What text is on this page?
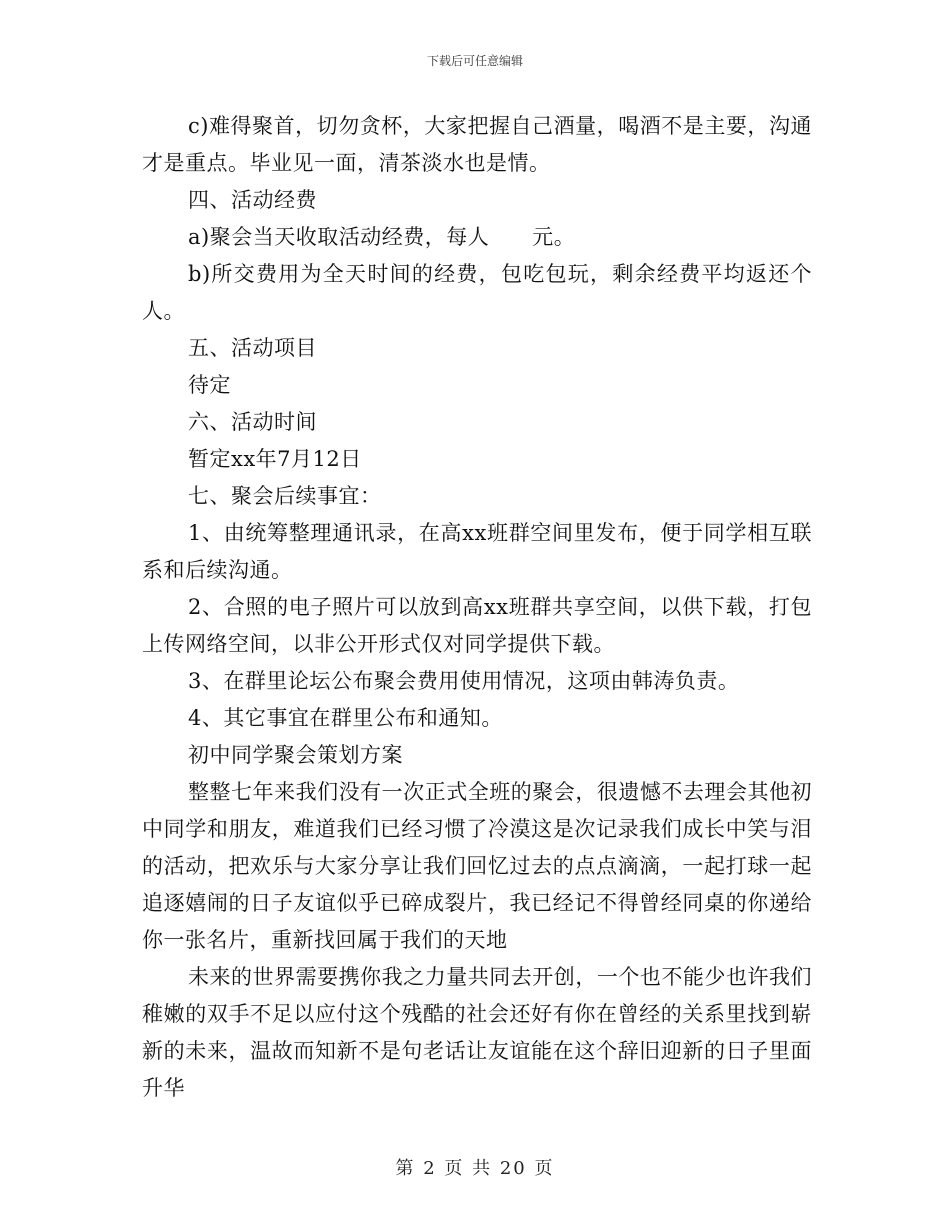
下载后可任意编辑

c)难得聚首，切勿贪杯，大家把握自己酒量，喝酒不是主要，沟通才是重点。毕业见一面，清茶淡水也是情。

四、活动经费

a)聚会当天收取活动经费，每人　　元。

b)所交费用为全天时间的经费，包吃包玩，剩余经费平均返还个人。

五、活动项目

待定

六、活动时间

暂定xx年7月12日

七、聚会后续事宜：

1、由统筹整理通讯录，在高xx班群空间里发布，便于同学相互联系和后续沟通。

2、合照的电子照片可以放到高xx班群共享空间，以供下载，打包上传网络空间，以非公开形式仅对同学提供下载。

3、在群里论坛公布聚会费用使用情况，这项由韩涛负责。

4、其它事宜在群里公布和通知。

初中同学聚会策划方案

整整七年来我们没有一次正式全班的聚会，很遗憾不去理会其他初中同学和朋友，难道我们已经习惯了冷漠这是次记录我们成长中笑与泪的活动，把欢乐与大家分享让我们回忆过去的点点滴滴，一起打球一起追逐嬉闹的日子友谊似乎已碎成裂片，我已经记不得曾经同桌的你递给你一张名片，重新找回属于我们的天地

未来的世界需要携你我之力量共同去开创，一个也不能少也许我们稚嫩的双手不足以应付这个残酷的社会还好有你在曾经的关系里找到崭新的未来，温故而知新不是句老话让友谊能在这个辞旧迎新的日子里面升华

第 2 页 共 20 页
